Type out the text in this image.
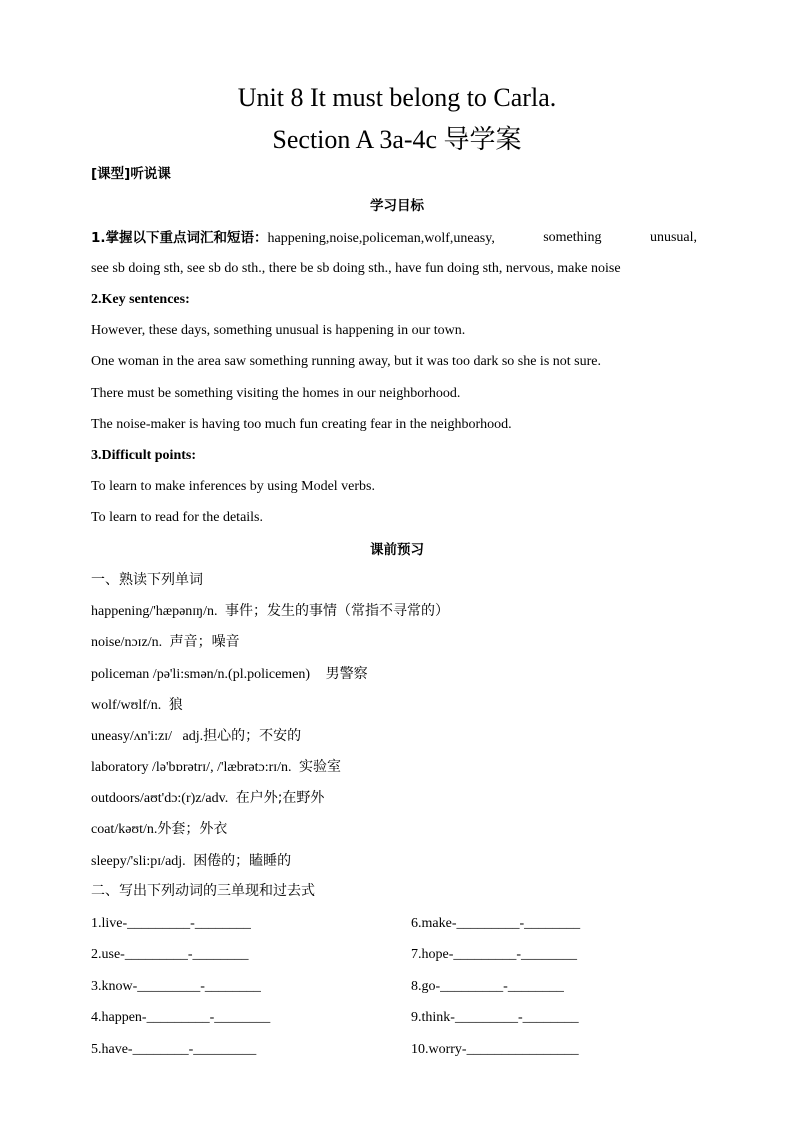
Unit 8 It must belong to Carla.
Section A 3a-4c 导学案
[课型]听说课
学习目标
1.掌握以下重点词汇和短语：happening,noise,policeman,wolf,uneasy,	something	unusual,
see sb doing sth, see sb do sth., there be sb doing sth., have fun doing sth, nervous, make noise
2.Key sentences:
However, these days, something unusual is happening in our town.
One woman in the area saw something running away, but it was too dark so she is not sure.
There must be something visiting the homes in our neighborhood.
The noise-maker is having too much fun creating fear in the neighborhood.
3.Difficult points:
To learn to make inferences by using Model verbs.
To learn to read for the details.
课前预习
一、熟读下列单词
happening/'hæpənɪŋ/n. 事件；发生的事情（常指不寻常的）
noise/nɔɪz/n. 声音；噪音
policeman /pə'li:smən/n.(pl.policemen) 男警察
wolf/wʊlf/n. 狼
uneasy/ʌn'i:zɪ/   adj.担心的；不安的
laboratory /lə'bɒrətrɪ/, /'læbrətɔ:rɪ/n. 实验室
outdoors/aʊt'dɔ:(r)z/adv. 在户外;在野外
coat/kəʊt/n.外套；外衣
sleepy/'sli:pɪ/adj. 困倦的；瞌睡的
二、写出下列动词的三单现和过去式
1.live-_________-________
2.use-_________-________
3.know-_________-________
4.happen-_________-________
5.have-________-_________
6.make-_________-________
7.hope-_________-________
8.go-_________-________
9.think-_________-________
10.worry-________________
